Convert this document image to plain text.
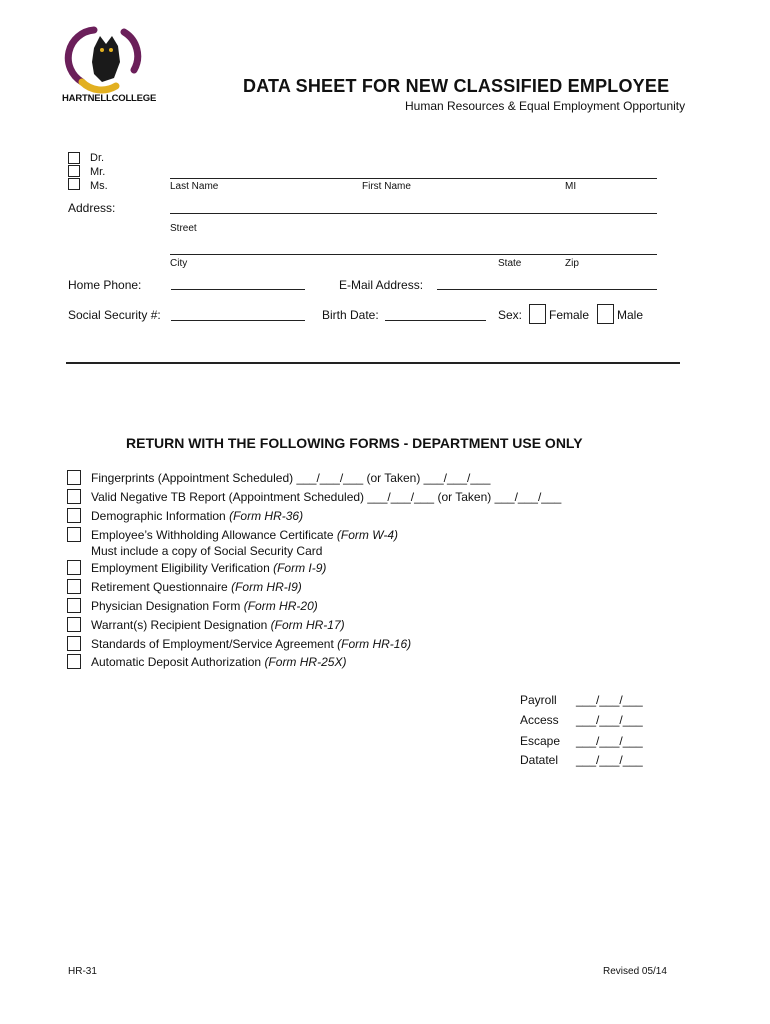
HARTNELLCOLLEGE
DATA SHEET FOR NEW CLASSIFIED EMPLOYEE
Human Resources & Equal Employment Opportunity
Dr.
Mr.
Ms.	Last Name	First Name	MI
Address:
Street
City	State	Zip
Home Phone:	E-Mail Address:
Social Security #:	Birth Date:	Sex: Female Male
RETURN WITH THE FOLLOWING FORMS - DEPARTMENT USE ONLY
Fingerprints (Appointment Scheduled) ___/___/___ (or Taken) ___/___/___
Valid Negative TB Report (Appointment Scheduled) ___/___/___ (or Taken) ___/___/___
Demographic Information (Form HR-36)
Employee’s Withholding Allowance Certificate (Form W-4)
Must include a copy of Social Security Card
Employment Eligibility Verification (Form I-9)
Retirement Questionnaire (Form HR-I9)
Physician Designation Form (Form HR-20)
Warrant(s) Recipient Designation (Form HR-17)
Standards of Employment/Service Agreement (Form HR-16)
Automatic Deposit Authorization (Form HR-25X)
Payroll ___/___/___
Access ___/___/___
Escape ___/___/___
Datatel ___/___/___
HR-31	Revised 05/14
